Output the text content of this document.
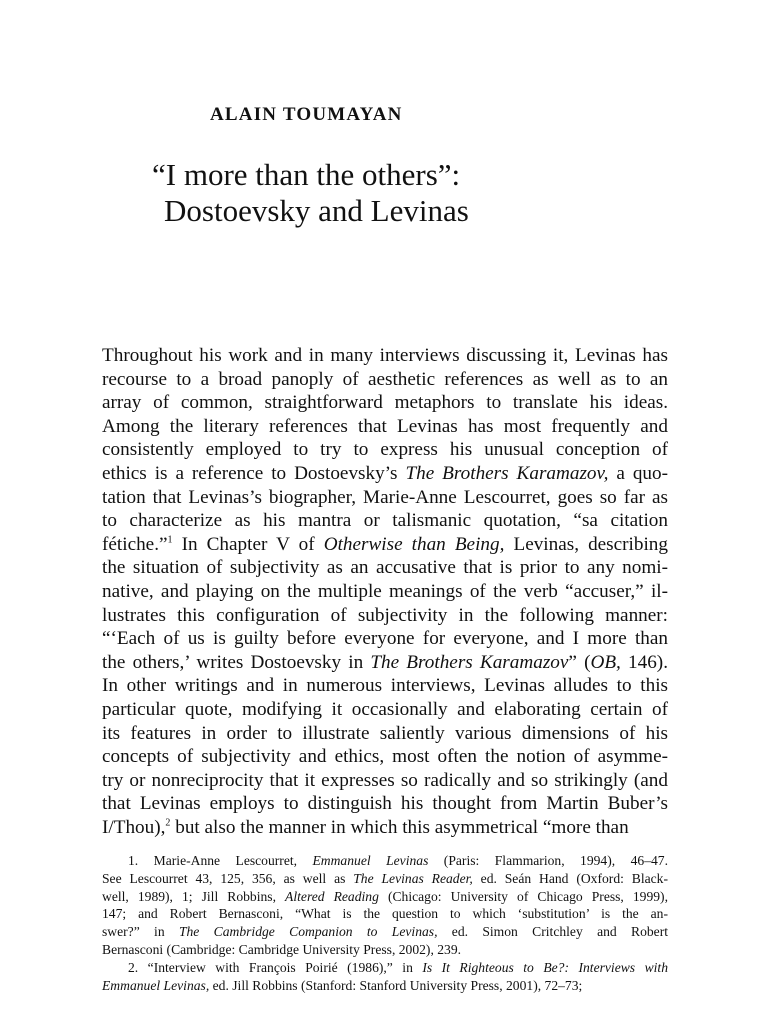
ALAIN TOUMAYAN
“I more than the others”:
Dostoevsky and Levinas
Throughout his work and in many interviews discussing it, Levinas has
recourse to a broad panoply of aesthetic references as well as to an
array of common, straightforward metaphors to translate his ideas.
Among the literary references that Levinas has most frequently and
consistently employed to try to express his unusual conception of
ethics is a reference to Dostoevsky’s The Brothers Karamazov, a quo-
tation that Levinas’s biographer, Marie-Anne Lescourret, goes so far as
to characterize as his mantra or talismanic quotation, “sa citation
fétiche.”$^1$ In Chapter V of Otherwise than Being, Levinas, describing
the situation of subjectivity as an accusative that is prior to any nomi-
native, and playing on the multiple meanings of the verb “accuser,” il-
lustrates this configuration of subjectivity in the following manner:
“‘Each of us is guilty before everyone for everyone, and I more than
the others,’ writes Dostoevsky in The Brothers Karamazov” (OB, 146).
In other writings and in numerous interviews, Levinas alludes to this
particular quote, modifying it occasionally and elaborating certain of
its features in order to illustrate saliently various dimensions of his
concepts of subjectivity and ethics, most often the notion of asymme-
try or nonreciprocity that it expresses so radically and so strikingly (and
that Levinas employs to distinguish his thought from Martin Buber’s
I/Thou),$^2$ but also the manner in which this asymmetrical “more than
1. Marie-Anne Lescourret, Emmanuel Levinas (Paris: Flammarion, 1994), 46–47.
See Lescourret 43, 125, 356, as well as The Levinas Reader, ed. Seán Hand (Oxford: Black-
well, 1989), 1; Jill Robbins, Altered Reading (Chicago: University of Chicago Press, 1999),
147; and Robert Bernasconi, “What is the question to which ‘substitution’ is the an-
swer?” in The Cambridge Companion to Levinas, ed. Simon Critchley and Robert
Bernasconi (Cambridge: Cambridge University Press, 2002), 239.
2. “Interview with François Poirié (1986),” in Is It Righteous to Be?: Interviews with
Emmanuel Levinas, ed. Jill Robbins (Stanford: Stanford University Press, 2001), 72–73;
